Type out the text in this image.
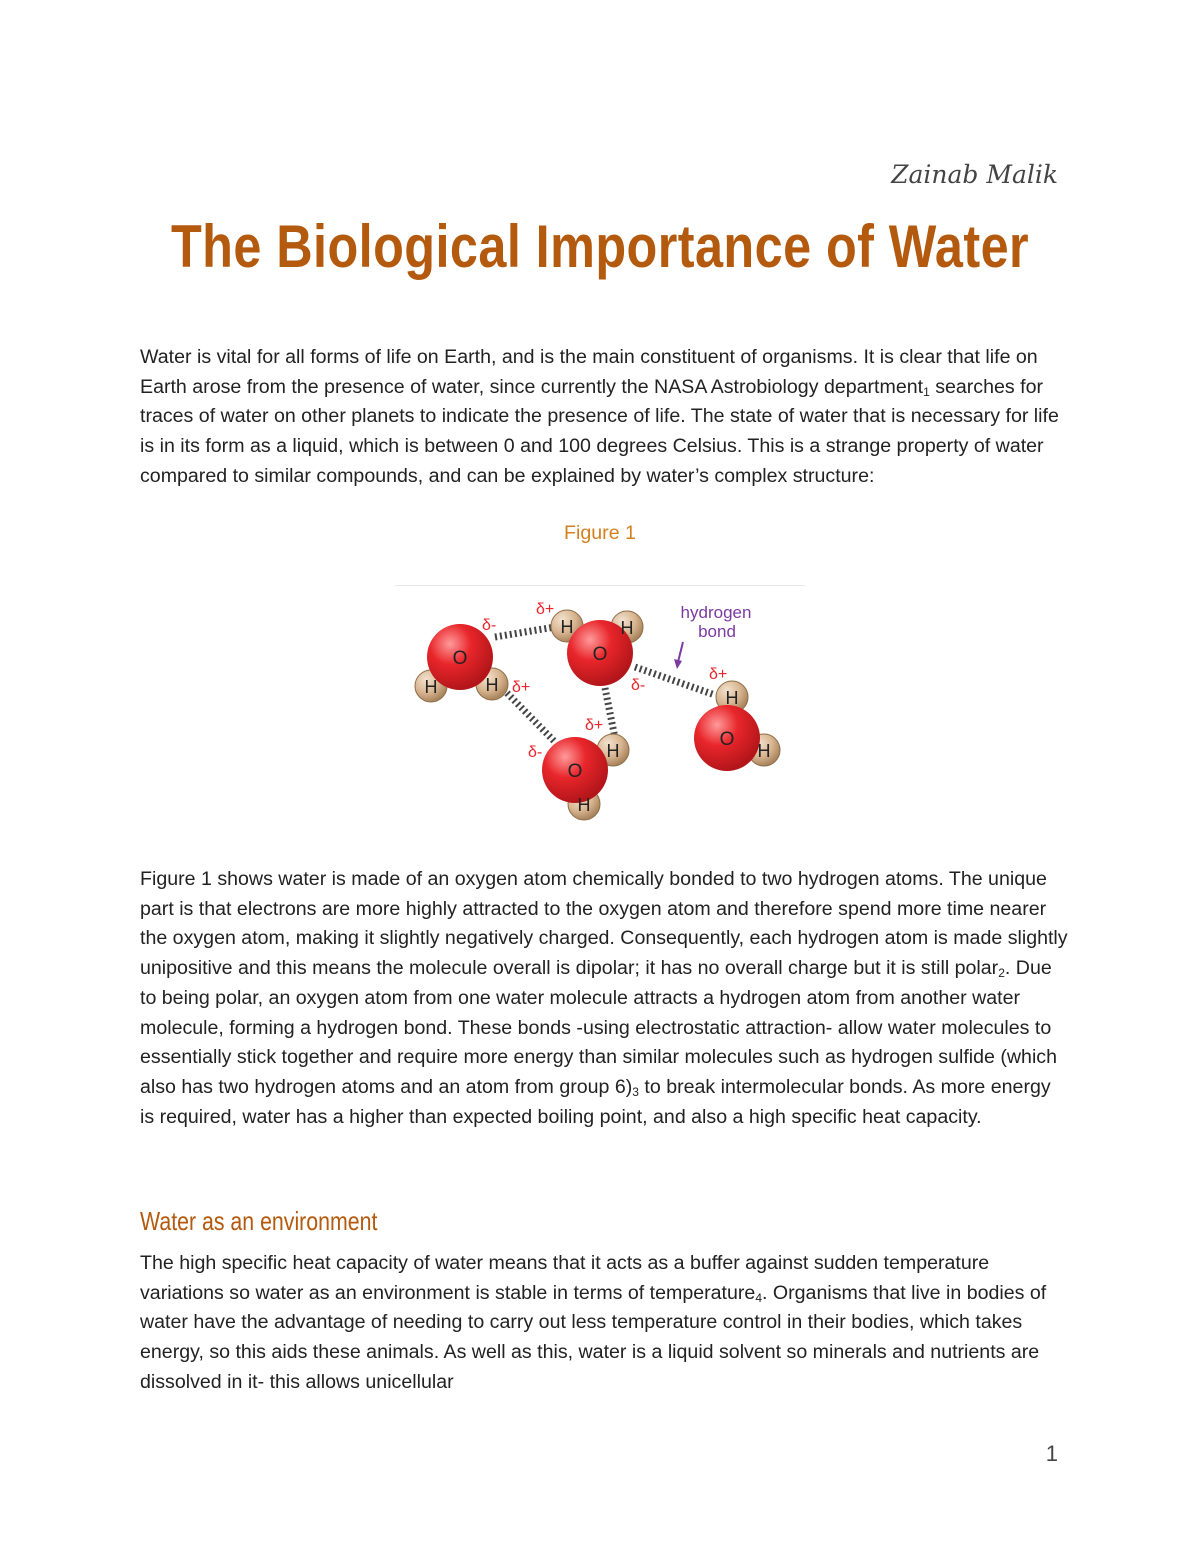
Zainab Malik
The Biological Importance of Water

Water is vital for all forms of life on Earth, and is the main constituent of organisms. It is clear that life on Earth arose from the presence of water, since currently the NASA Astrobiology department$_1$ searches for traces of water on other planets to indicate the presence of life. The state of water that is necessary for life is in its form as a liquid, which is between 0 and 100 degrees Celsius. This is a strange property of water compared to similar compounds, and can be explained by water’s complex structure:

Figure 1
O
H	H
O
H	H
O
H
H
O
H
H
δ-
δ+
δ+	δ-
δ+
δ+
δ-
hydrogen
bond

Figure 1 shows water is made of an oxygen atom chemically bonded to two hydrogen atoms. The unique part is that electrons are more highly attracted to the oxygen atom and therefore spend more time nearer the oxygen atom, making it slightly negatively charged. Consequently, each hydrogen atom is made slightly unipositive and this means the molecule overall is dipolar; it has no overall charge but it is still polar$_2$. Due to being polar, an oxygen atom from one water molecule attracts a hydrogen atom from another water molecule, forming a hydrogen bond. These bonds -using electrostatic attraction- allow water molecules to essentially stick together and require more energy than similar molecules such as hydrogen sulfide (which also has two hydrogen atoms and an atom from group $6)_3$ to break intermolecular bonds. As more energy is required, water has a higher than expected boiling point, and also a high specific heat capacity.

Water as an environment

The high specific heat capacity of water means that it acts as a buffer against sudden temperature variations so water as an environment is stable in terms of temperature$_4$. Organisms that live in bodies of water have the advantage of needing to carry out less temperature control in their bodies, which takes energy, so this aids these animals. As well as this, water is a liquid solvent so minerals and nutrients are dissolved in it- this allows unicellular

1
